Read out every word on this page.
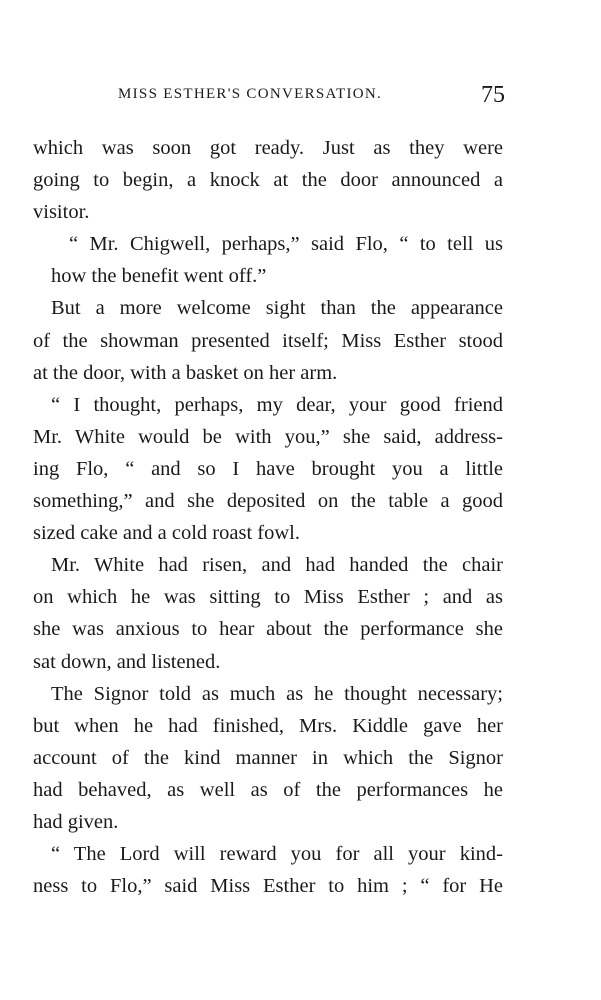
MISS ESTHER'S CONVERSATION.	75

which was soon got ready. Just as they were
going to begin, a knock at the door announced a
visitor.

“ Mr. Chigwell, perhaps,” said Flo, “ to tell us
how the benefit went off.”

But a more welcome sight than the appearance
of the showman presented itself; Miss Esther stood
at the door, with a basket on her arm.

“ I thought, perhaps, my dear, your good friend
Mr. White would be with you,” she said, address-
ing Flo, “ and so I have brought you a little
something,” and she deposited on the table a good
sized cake and a cold roast fowl.

Mr. White had risen, and had handed the chair
on which he was sitting to Miss Esther ; and as
she was anxious to hear about the performance she
sat down, and listened.

The Signor told as much as he thought necessary;
but when he had finished, Mrs. Kiddle gave her
account of the kind manner in which the Signor
had behaved, as well as of the performances he
had given.

“ The Lord will reward you for all your kind-
ness to Flo,” said Miss Esther to him ; “ for He
